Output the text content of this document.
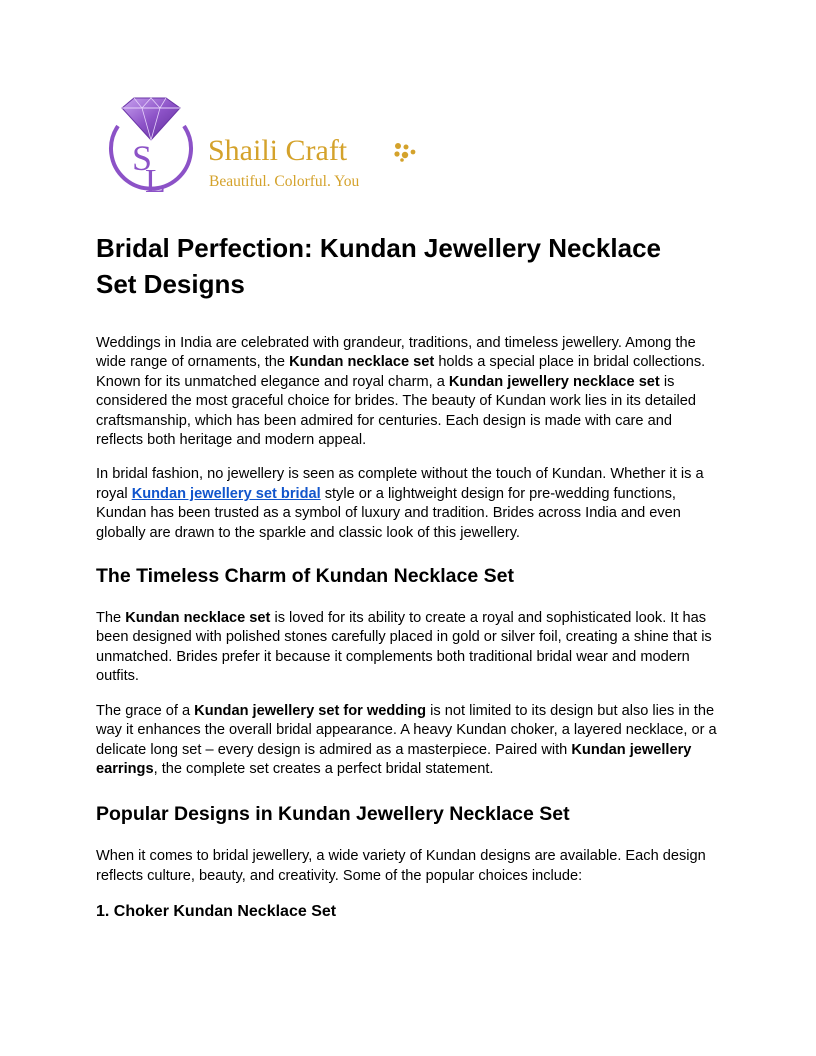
S
L
Shaili Craft
Beautiful. Colorful. You
Bridal Perfection: Kundan Jewellery Necklace Set Designs

Weddings in India are celebrated with grandeur, traditions, and timeless jewellery. Among the wide range of ornaments, the Kundan necklace set holds a special place in bridal collections. Known for its unmatched elegance and royal charm, a Kundan jewellery necklace set is considered the most graceful choice for brides. The beauty of Kundan work lies in its detailed craftsmanship, which has been admired for centuries. Each design is made with care and reflects both heritage and modern appeal.

In bridal fashion, no jewellery is seen as complete without the touch of Kundan. Whether it is a royal Kundan jewellery set bridal style or a lightweight design for pre-wedding functions, Kundan has been trusted as a symbol of luxury and tradition. Brides across India and even globally are drawn to the sparkle and classic look of this jewellery.

The Timeless Charm of Kundan Necklace Set

The Kundan necklace set is loved for its ability to create a royal and sophisticated look. It has been designed with polished stones carefully placed in gold or silver foil, creating a shine that is unmatched. Brides prefer it because it complements both traditional bridal wear and modern outfits.

The grace of a Kundan jewellery set for wedding is not limited to its design but also lies in the way it enhances the overall bridal appearance. A heavy Kundan choker, a layered necklace, or a delicate long set – every design is admired as a masterpiece. Paired with Kundan jewellery earrings, the complete set creates a perfect bridal statement.

Popular Designs in Kundan Jewellery Necklace Set

When it comes to bridal jewellery, a wide variety of Kundan designs are available. Each design reflects culture, beauty, and creativity. Some of the popular choices include:

1. Choker Kundan Necklace Set
